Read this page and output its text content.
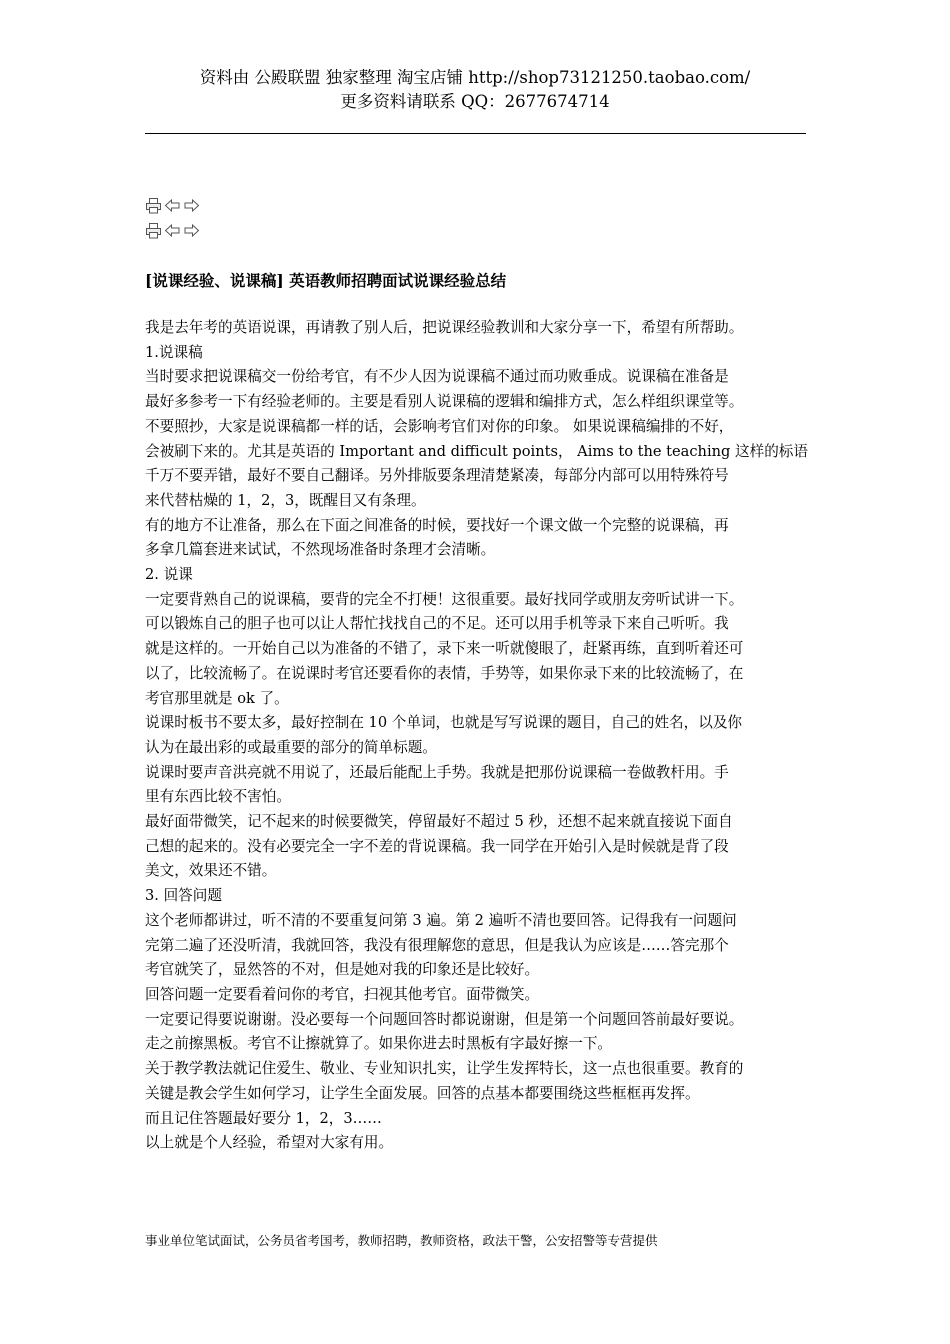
资料由 公殿联盟 独家整理 淘宝店铺 http://shop73121250.taobao.com/
更多资料请联系 QQ：2677674714
[说课经验、说课稿] 英语教师招聘面试说课经验总结

我是去年考的英语说课，再请教了别人后，把说课经验教训和大家分享一下，希望有所帮助。

1.说课稿

当时要求把说课稿交一份给考官，有不少人因为说课稿不通过而功败垂成。说课稿在准备是

最好多参考一下有经验老师的。主要是看别人说课稿的逻辑和编排方式，怎么样组织课堂等。

不要照抄，大家是说课稿都一样的话，会影响考官们对你的印象。 如果说课稿编排的不好，

会被刷下来的。尤其是英语的 Important and difficult points， Aims to the teaching 这样的标语

千万不要弄错，最好不要自己翻译。另外排版要条理清楚紧凑，每部分内部可以用特殊符号

来代替枯燥的 1，2，3，既醒目又有条理。

有的地方不让准备，那么在下面之间准备的时候，要找好一个课文做一个完整的说课稿，再

多拿几篇套进来试试，不然现场准备时条理才会清晰。

2. 说课

一定要背熟自己的说课稿，要背的完全不打梗！这很重要。最好找同学或朋友旁听试讲一下。

可以锻炼自己的胆子也可以让人帮忙找找自己的不足。还可以用手机等录下来自己听听。我

就是这样的。一开始自己以为准备的不错了，录下来一听就傻眼了，赶紧再练，直到听着还可

以了，比较流畅了。在说课时考官还要看你的表情，手势等，如果你录下来的比较流畅了，在

考官那里就是 ok 了。

说课时板书不要太多，最好控制在 10 个单词，也就是写写说课的题目，自己的姓名，以及你

认为在最出彩的或最重要的部分的简单标题。

说课时要声音洪亮就不用说了，还最后能配上手势。我就是把那份说课稿一卷做教杆用。手

里有东西比较不害怕。

最好面带微笑，记不起来的时候要微笑，停留最好不超过 5 秒，还想不起来就直接说下面自

己想的起来的。没有必要完全一字不差的背说课稿。我一同学在开始引入是时候就是背了段

美文，效果还不错。

3. 回答问题

这个老师都讲过，听不清的不要重复问第 3 遍。第 2 遍听不清也要回答。记得我有一问题问

完第二遍了还没听清，我就回答，我没有很理解您的意思，但是我认为应该是……答完那个

考官就笑了，显然答的不对，但是她对我的印象还是比较好。

回答问题一定要看着问你的考官，扫视其他考官。面带微笑。

一定要记得要说谢谢。没必要每一个问题回答时都说谢谢，但是第一个问题回答前最好要说。

走之前擦黑板。考官不让擦就算了。如果你进去时黑板有字最好擦一下。

关于教学教法就记住爱生、敬业、专业知识扎实，让学生发挥特长，这一点也很重要。教育的

关键是教会学生如何学习，让学生全面发展。回答的点基本都要围绕这些框框再发挥。

而且记住答题最好要分 1，2，3……

以上就是个人经验，希望对大家有用。

事业单位笔试面试，公务员省考国考，教师招聘，教师资格，政法干警，公安招警等专营提供
